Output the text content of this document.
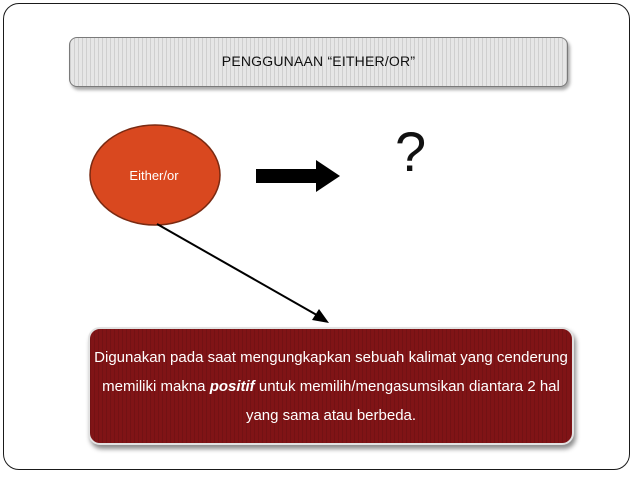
PENGGUNAAN “EITHER/OR”
Either/or	?
Digunakan pada saat mengungkapkan sebuah kalimat yang cenderung
memiliki makna positif untuk memilih/mengasumsikan diantara 2 hal
yang sama atau berbeda.
